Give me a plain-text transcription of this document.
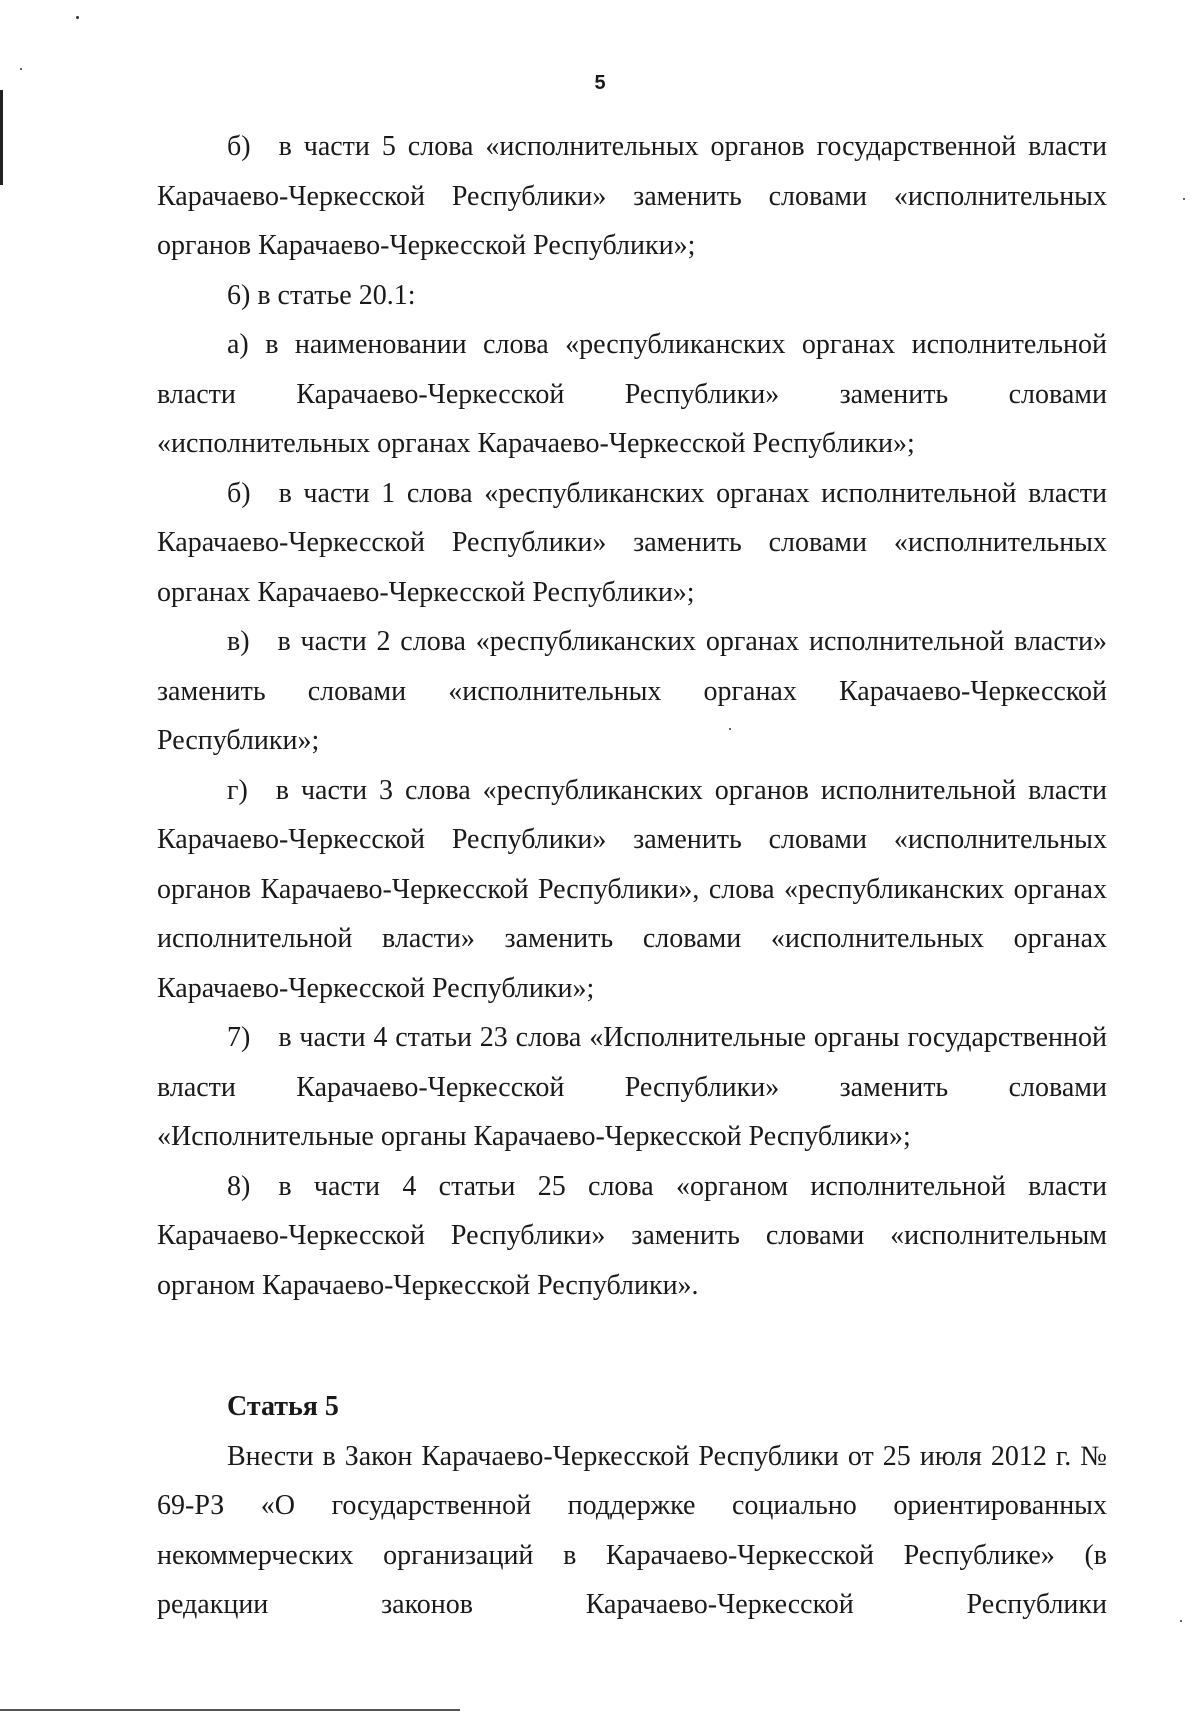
5

б) в части 5 слова «исполнительных органов государственной власти Карачаево-Черкесской Республики» заменить словами «исполнительных органов Карачаево-Черкесской Республики»;

6) в статье 20.1:

а) в наименовании слова «республиканских органах исполнительной власти Карачаево-Черкесской Республики» заменить словами «исполнительных органах Карачаево-Черкесской Республики»;

б) в части 1 слова «республиканских органах исполнительной власти Карачаево-Черкесской Республики» заменить словами «исполнительных органах Карачаево-Черкесской Республики»;

в) в части 2 слова «республиканских органах исполнительной власти» заменить словами «исполнительных органах Карачаево-Черкесской Республики»;

г) в части 3 слова «республиканских органов исполнительной власти Карачаево-Черкесской Республики» заменить словами «исполнительных органов Карачаево-Черкесской Республики», слова «республиканских органах исполнительной власти» заменить словами «исполнительных органах Карачаево-Черкесской Республики»;

7) в части 4 статьи 23 слова «Исполнительные органы государственной власти Карачаево-Черкесской Республики» заменить словами «Исполнительные органы Карачаево-Черкесской Республики»;

8) в части 4 статьи 25 слова «органом исполнительной власти Карачаево-Черкесской Республики» заменить словами «исполнительным органом Карачаево-Черкесской Республики».

Статья 5

Внести в Закон Карачаево-Черкесской Республики от 25 июля 2012 г. № 69-РЗ «О государственной поддержке социально ориентированных некоммерческих организаций в Карачаево-Черкесской Республике» (в редакции законов Карачаево-Черкесской Республики
